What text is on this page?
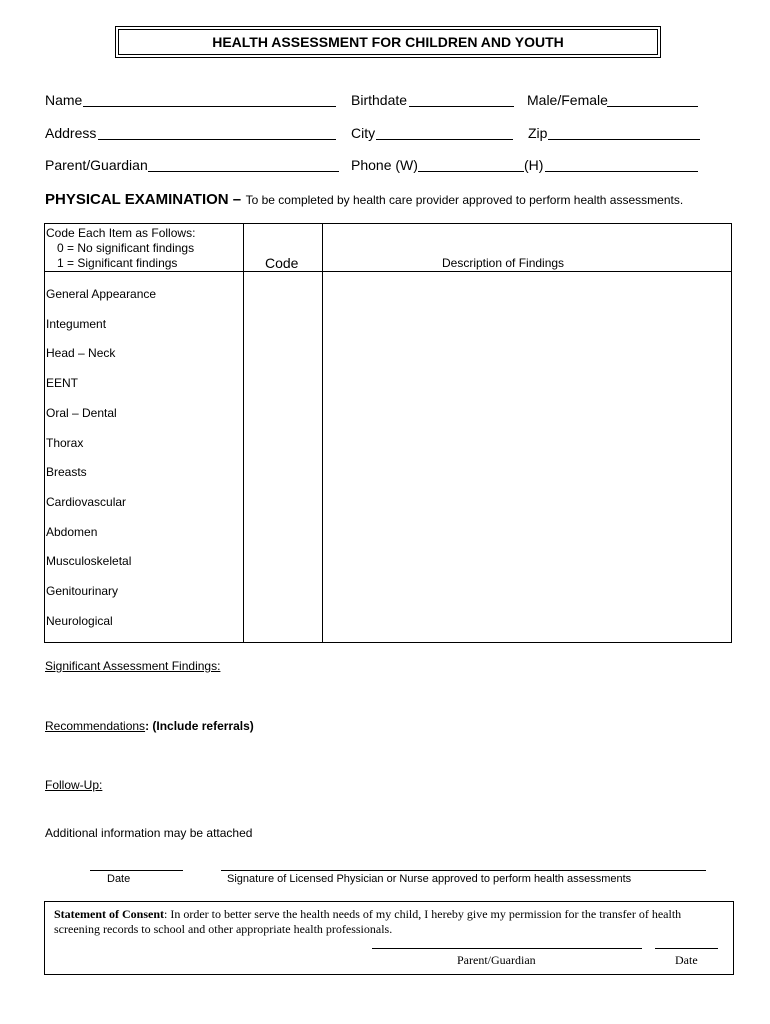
HEALTH ASSESSMENT FOR CHILDREN AND YOUTH
Name	Birthdate	Male/Female
Address	City	Zip
Parent/Guardian	Phone (W)	(H)
PHYSICAL EXAMINATION – To be completed by health care provider approved to perform health assessments.
Code Each Item as Follows:
0 = No significant findings
1 = Significant findings	Code	Description of Findings
General Appearance
Integument
Head – Neck
EENT
Oral – Dental
Thorax
Breasts
Cardiovascular
Abdomen
Musculoskeletal
Genitourinary
Neurological
Significant Assessment Findings:
Recommendations: (Include referrals)
Follow-Up:
Additional information may be attached
Date	Signature of Licensed Physician or Nurse approved to perform health assessments
Statement of Consent: In order to better serve the health needs of my child, I hereby give my permission for the transfer of health screening records to school and other appropriate health professionals.
Parent/Guardian	Date
